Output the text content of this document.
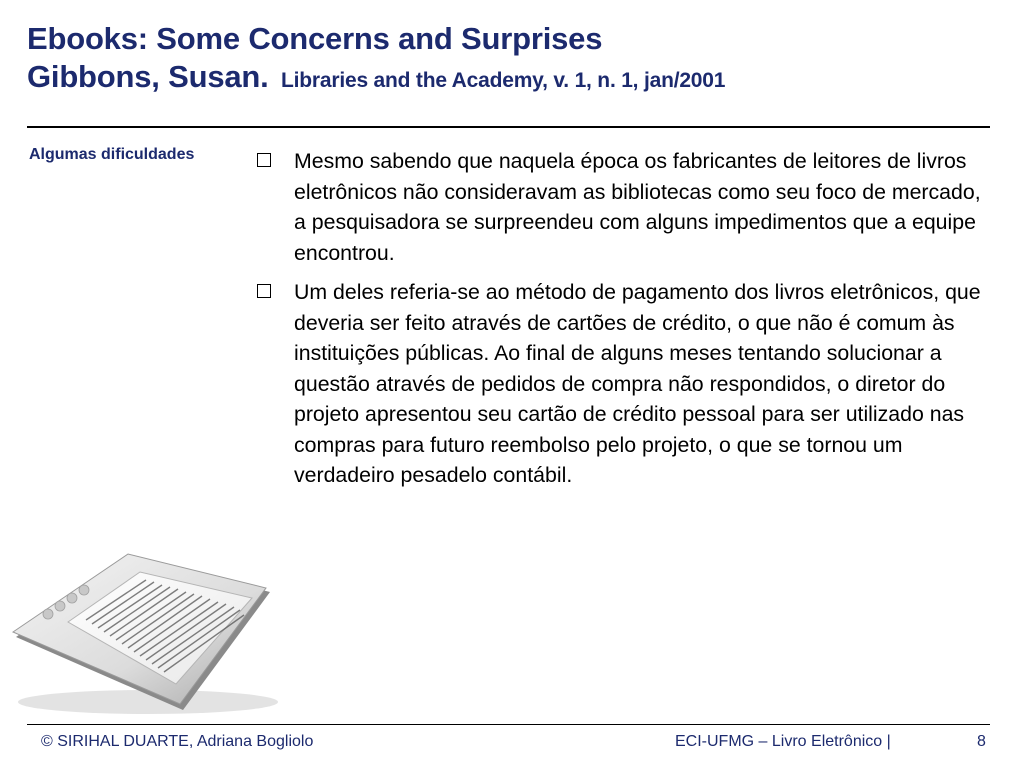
Ebooks: Some Concerns and Surprises
Gibbons, Susan. Libraries and the Academy, v. 1, n. 1, jan/2001
Algumas dificuldades	Mesmo sabendo que naquela época os fabricantes de leitores de livros eletrônicos não consideravam as bibliotecas como seu foco de mercado, a pesquisadora se surpreendeu com alguns impedimentos que a equipe encontrou.
Um deles referia-se ao método de pagamento dos livros eletrônicos, que deveria ser feito através de cartões de crédito, o que não é comum às instituições públicas. Ao final de alguns meses tentando solucionar a questão através de pedidos de compra não respondidos, o diretor do projeto apresentou seu cartão de crédito pessoal para ser utilizado nas compras para futuro reembolso pelo projeto, o que se tornou um verdadeiro pesadelo contábil.
© SIRIHAL DUARTE, Adriana Bogliolo	ECI-UFMG – Livro Eletrônico |	8
